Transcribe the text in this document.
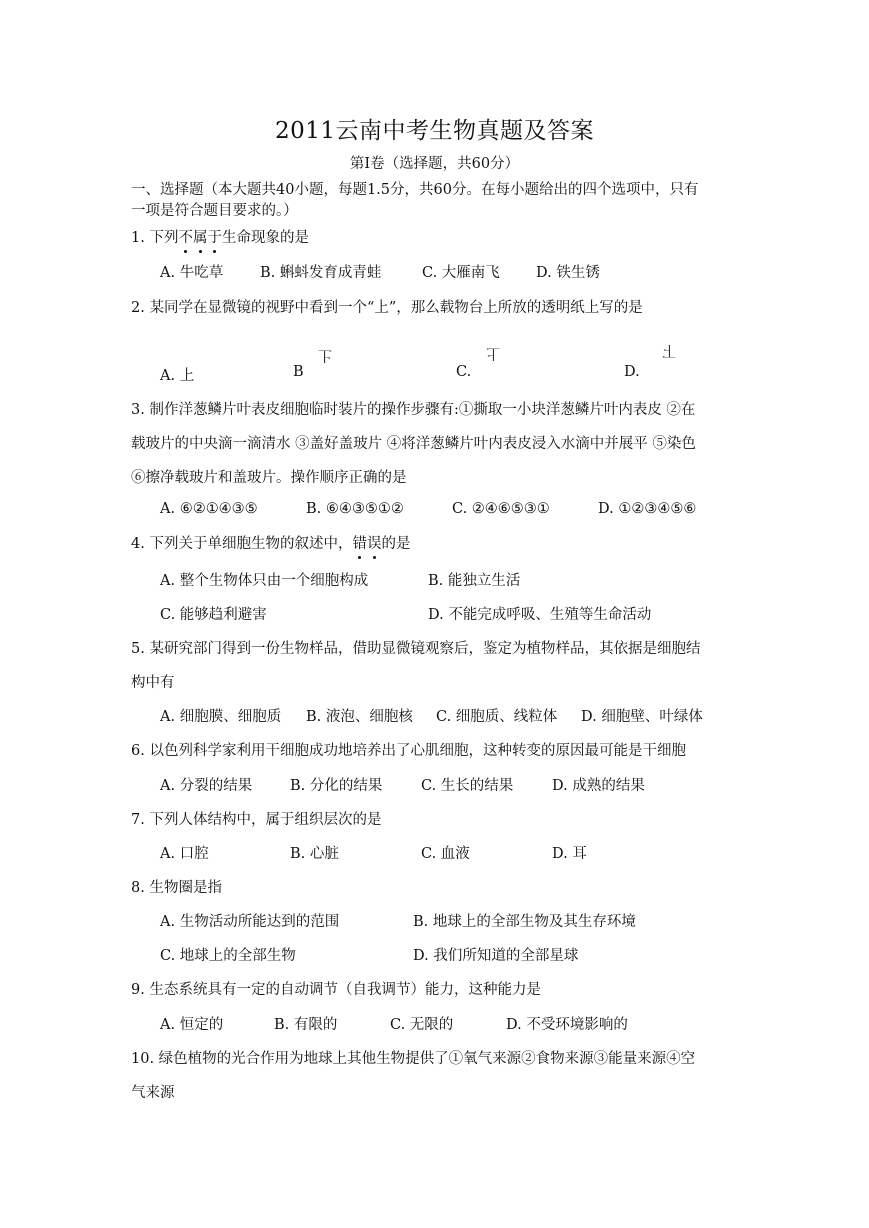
2011云南中考生物真题及答案
第Ⅰ卷（选择题，共60分）
一、选择题（本大题共40小题，每题1.5分，共60分。在每小题给出的四个选项中，只有
一项是符合题目要求的。）
1. 下列不属于生命现象的是
A. 牛吃草	B. 蝌蚪发育成青蛙	C. 大雁南飞 D. 铁生锈
2. 某同学在显微镜的视野中看到一个“上”，那么载物台上所放的透明纸上写的是
上	上	上
A. 上	B	C.	D.
3. 制作洋葱鳞片叶表皮细胞临时装片的操作步骤有:①撕取一小块洋葱鳞片叶内表皮 ②在
载玻片的中央滴一滴清水 ③盖好盖玻片 ④将洋葱鳞片叶内表皮浸入水滴中并展平 ⑤染色
⑥擦净载玻片和盖玻片。操作顺序正确的是
A. ⑥②①④③⑤	B. ⑥④③⑤①②	C. ②④⑥⑤③①	D. ①②③④⑤⑥
4. 下列关于单细胞生物的叙述中，错误的是
A. 整个生物体只由一个细胞构成	B. 能独立生活
C. 能够趋利避害	D. 不能完成呼吸、生殖等生命活动
5. 某研究部门得到一份生物样品，借助显微镜观察后，鉴定为植物样品，其依据是细胞结
构中有
A. 细胞膜、细胞质 B. 液泡、细胞核 C. 细胞质、线粒体 D. 细胞壁、叶绿体
6. 以色列科学家利用干细胞成功地培养出了心肌细胞，这种转变的原因最可能是干细胞
A. 分裂的结果	B. 分化的结果	C. 生长的结果	D. 成熟的结果
7. 下列人体结构中，属于组织层次的是
A. 口腔	B. 心脏	C. 血液	D. 耳
8. 生物圈是指
A. 生物活动所能达到的范围	B. 地球上的全部生物及其生存环境
C. 地球上的全部生物	D. 我们所知道的全部星球
9. 生态系统具有一定的自动调节（自我调节）能力，这种能力是
A. 恒定的	B. 有限的	C. 无限的	D. 不受环境影响的
10. 绿色植物的光合作用为地球上其他生物提供了①氧气来源②食物来源③能量来源④空
气来源
